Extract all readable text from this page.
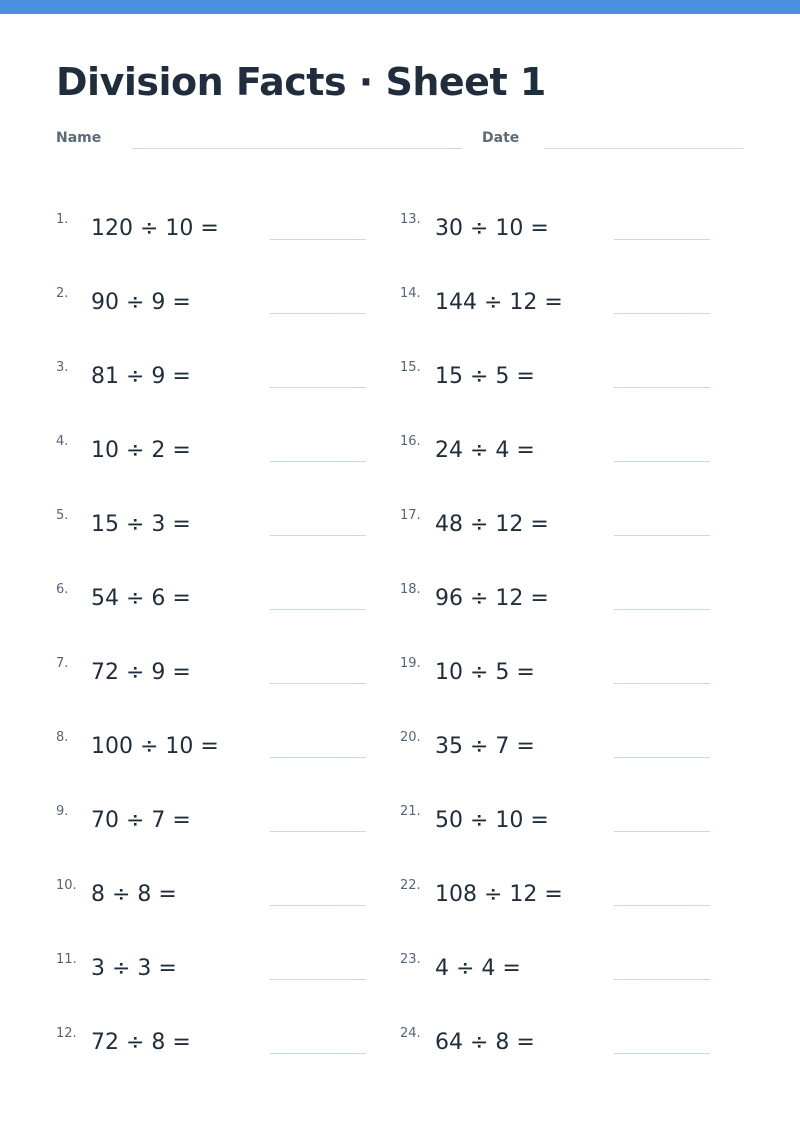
Division Facts · Sheet 1
Name	Date
1. 120 ÷ 10 =
2. 90 ÷ 9 =
3. 81 ÷ 9 =
4. 10 ÷ 2 =
5. 15 ÷ 3 =
6. 54 ÷ 6 =
7. 72 ÷ 9 =
8. 100 ÷ 10 =
9. 70 ÷ 7 =
10. 8 ÷ 8 =
11. 3 ÷ 3 =
12. 72 ÷ 8 =
13. 30 ÷ 10 =
14. 144 ÷ 12 =
15. 15 ÷ 5 =
16. 24 ÷ 4 =
17. 48 ÷ 12 =
18. 96 ÷ 12 =
19. 10 ÷ 5 =
20. 35 ÷ 7 =
21. 50 ÷ 10 =
22. 108 ÷ 12 =
23. 4 ÷ 4 =
24. 64 ÷ 8 =
